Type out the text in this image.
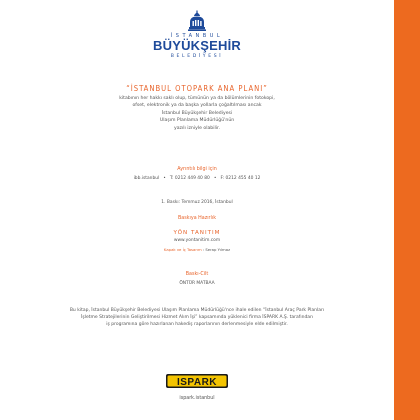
İSTANBUL
BÜYÜKŞEHİR
BELEDİYESİ
“İSTANBUL OTOPARK ANA PLANI”
kitabının her hakkı saklı olup, tümünün ya da bölümlerinin fotokopi,
ofset, elektronik ya da başka yollarla çoğaltılması ancak
İstanbul Büyükşehir Belediyesi
Ulaşım Planlama Müdürlüğü'nün
yazılı izniyle olabilir.
Ayrıntılı bilgi için
ibb.istanbul • T: 0212 449 40 80 • F: 0212 455 40 12
1. Baskı: Temmuz 2016, İstanbul
Baskıya Hazırlık
YÖN TANITIM
www.yontanitim.com
Kapak ve İç Tasarım : Serap Yılmaz
Baskı-Cilt
ÖNTÜR MATBAA
Bu kitap, İstanbul Büyükşehir Belediyesi Ulaşım Planlama Müdürlüğü'nce ihale edilen “İstanbul Araç Park Planları
İşletme Stratejilerinin Geliştirilmesi Hizmet Alım İşi” kapsamında yüklenici firma İSPARK A.Ş. tarafından
iş programına göre hazırlanan hakediş raporlarının derlenmesiyle elde edilmiştir.
ISPARK
ispark.istanbul
